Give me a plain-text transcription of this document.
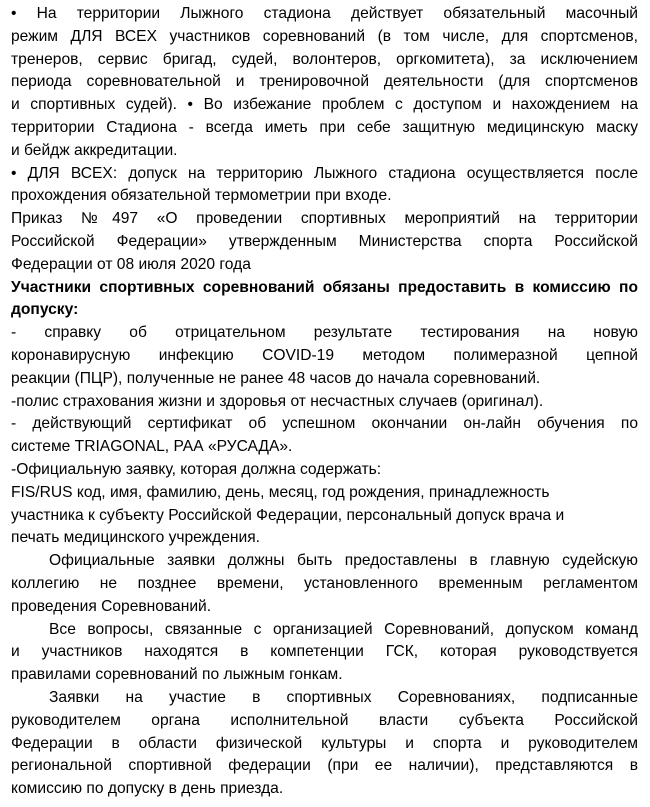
• На территории Лыжного стадиона действует обязательный масочный
режим ДЛЯ ВСЕХ участников соревнований (в том числе, для спортсменов,
тренеров, сервис бригад, судей, волонтеров, оргкомитета), за исключением
периода соревновательной и тренировочной деятельности (для спортсменов
и спортивных судей). • Во избежание проблем с доступом и нахождением на
территории Стадиона - всегда иметь при себе защитную медицинскую маску
и бейдж аккредитации.
• ДЛЯ ВСЕХ: допуск на территорию Лыжного стадиона осуществляется после
прохождения обязательной термометрии при входе.
Приказ №497 «О проведении спортивных мероприятий на территории
Российской Федерации» утвержденным Министерства спорта Российской
Федерации от 08 июля 2020 года
Участники спортивных соревнований обязаны предоставить в комиссию по
допуску:
- справку об отрицательном результате тестирования на новую
коронавирусную инфекцию COVID-19 методом полимеразной цепной
реакции (ПЦР), полученные не ранее 48 часов до начала соревнований.
-полис страхования жизни и здоровья от несчастных случаев (оригинал).
- действующий сертификат об успешном окончании он-лайн обучения по
системе TRIAGONAL, РАА «РУСАДА».
-Официальную заявку, которая должна содержать:
FIS/RUS код, имя, фамилию, день, месяц, год рождения, принадлежность
участника к субъекту Российской Федерации, персональный допуск врача и
печать медицинского учреждения.
Официальные заявки должны быть предоставлены в главную судейскую
коллегию не позднее времени, установленного временным регламентом
проведения Соревнований.
Все вопросы, связанные с организацией Соревнований, допуском команд
и участников находятся в компетенции ГСК, которая руководствуется
правилами соревнований по лыжным гонкам.
Заявки на участие в спортивных Соревнованиях, подписанные
руководителем органа исполнительной власти субъекта Российской
Федерации в области физической культуры и спорта и руководителем
региональной спортивной федерации (при ее наличии), представляются в
комиссию по допуску в день приезда.
